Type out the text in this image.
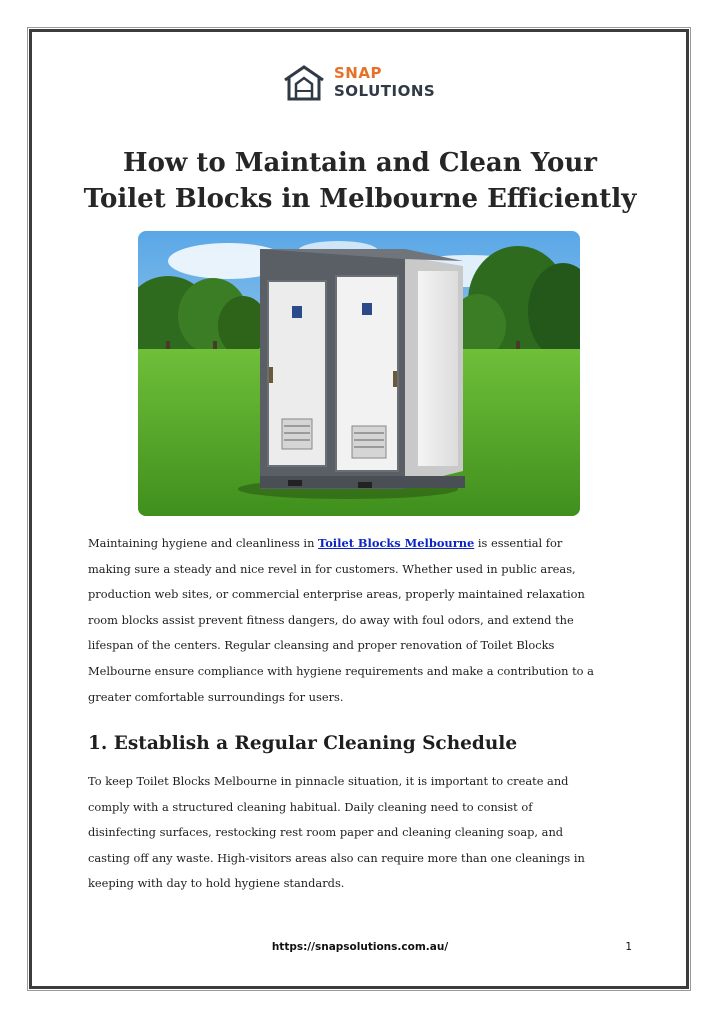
SNAP
SOLUTIONS
How to Maintain and Clean Your
Toilet Blocks in Melbourne Efficiently

Maintaining hygiene and cleanliness in Toilet Blocks Melbourne is essential for
making sure a steady and nice revel in for customers. Whether used in public areas,
production web sites, or commercial enterprise areas, properly maintained relaxation
room blocks assist prevent fitness dangers, do away with foul odors, and extend the
lifespan of the centers. Regular cleansing and proper renovation of Toilet Blocks
Melbourne ensure compliance with hygiene requirements and make a contribution to a
greater comfortable surroundings for users.

1. Establish a Regular Cleaning Schedule

To keep Toilet Blocks Melbourne in pinnacle situation, it is important to create and
comply with a structured cleaning habitual. Daily cleaning need to consist of
disinfecting surfaces, restocking rest room paper and cleaning cleaning soap, and
casting off any waste. High-visitors areas also can require more than one cleanings in
keeping with day to hold hygiene standards.

https://snapsolutions.com.au/	1
